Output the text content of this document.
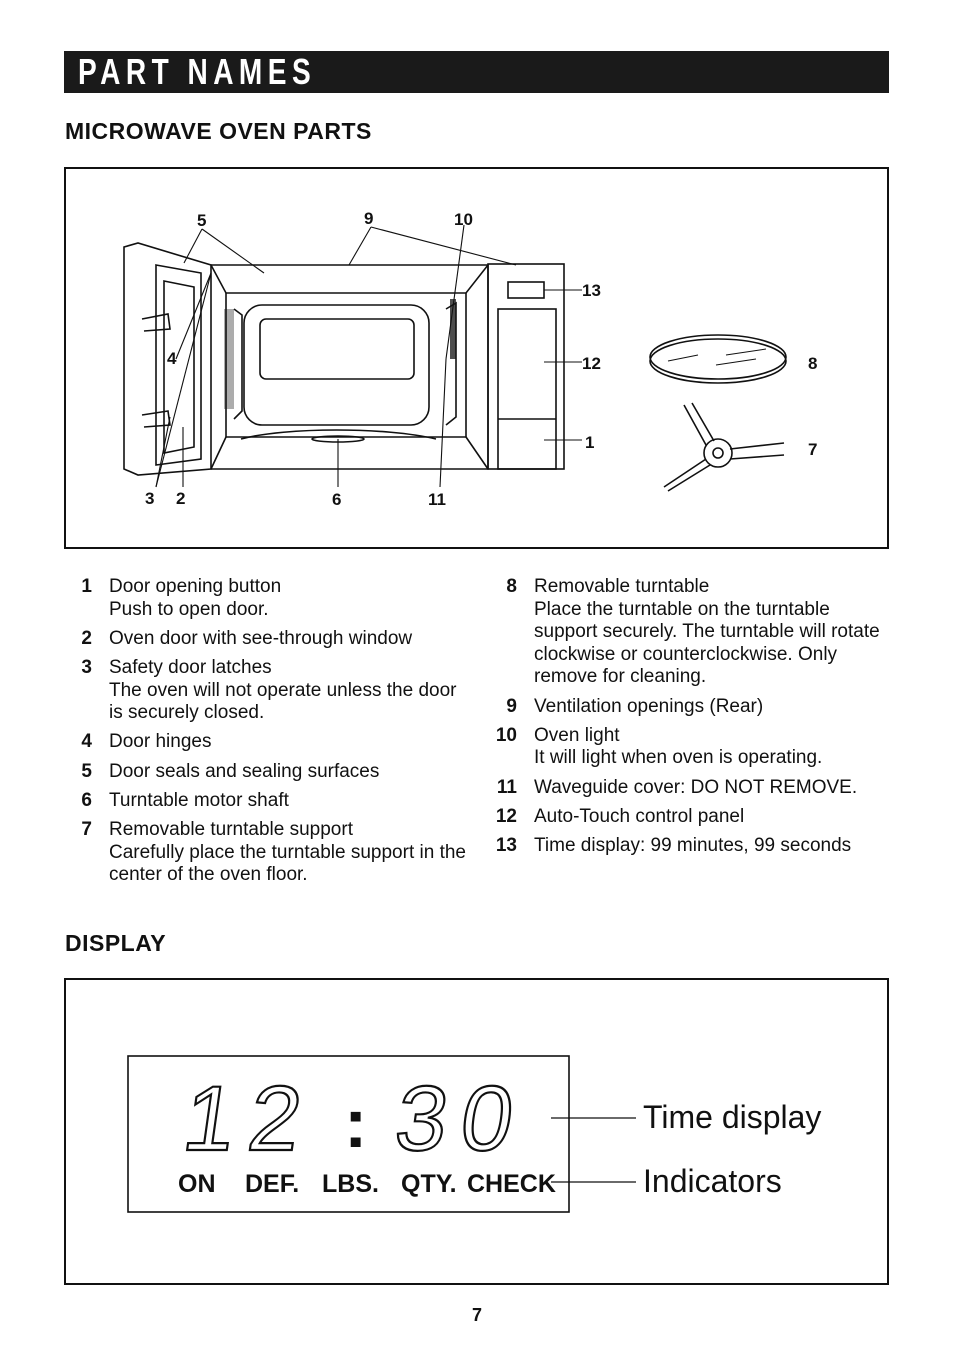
PART NAMES
MICROWAVE OVEN PARTS
5	9	10
13
12	8
4
1	7
3 2	6	11
1 Door opening button
Push to open door.
2 Oven door with see-through window
3 Safety door latches
The oven will not operate unless the door is securely closed.
4 Door hinges
5 Door seals and sealing surfaces
6 Turntable motor shaft
7 Removable turntable support
Carefully place the turntable support in the center of the oven floor.
8 Removable turntable
Place the turntable on the turntable support securely. The turntable will rotate clockwise or counterclockwise. Only remove for cleaning.
9 Ventilation openings (Rear)
10 Oven light
It will light when oven is operating.
11 Waveguide cover: DO NOT REMOVE.
12 Auto-Touch control panel
13 Time display: 99 minutes, 99 seconds
DISPLAY
12 : 30
ON DEF. LBS. QTY. CHECK
Time display
Indicators
7
